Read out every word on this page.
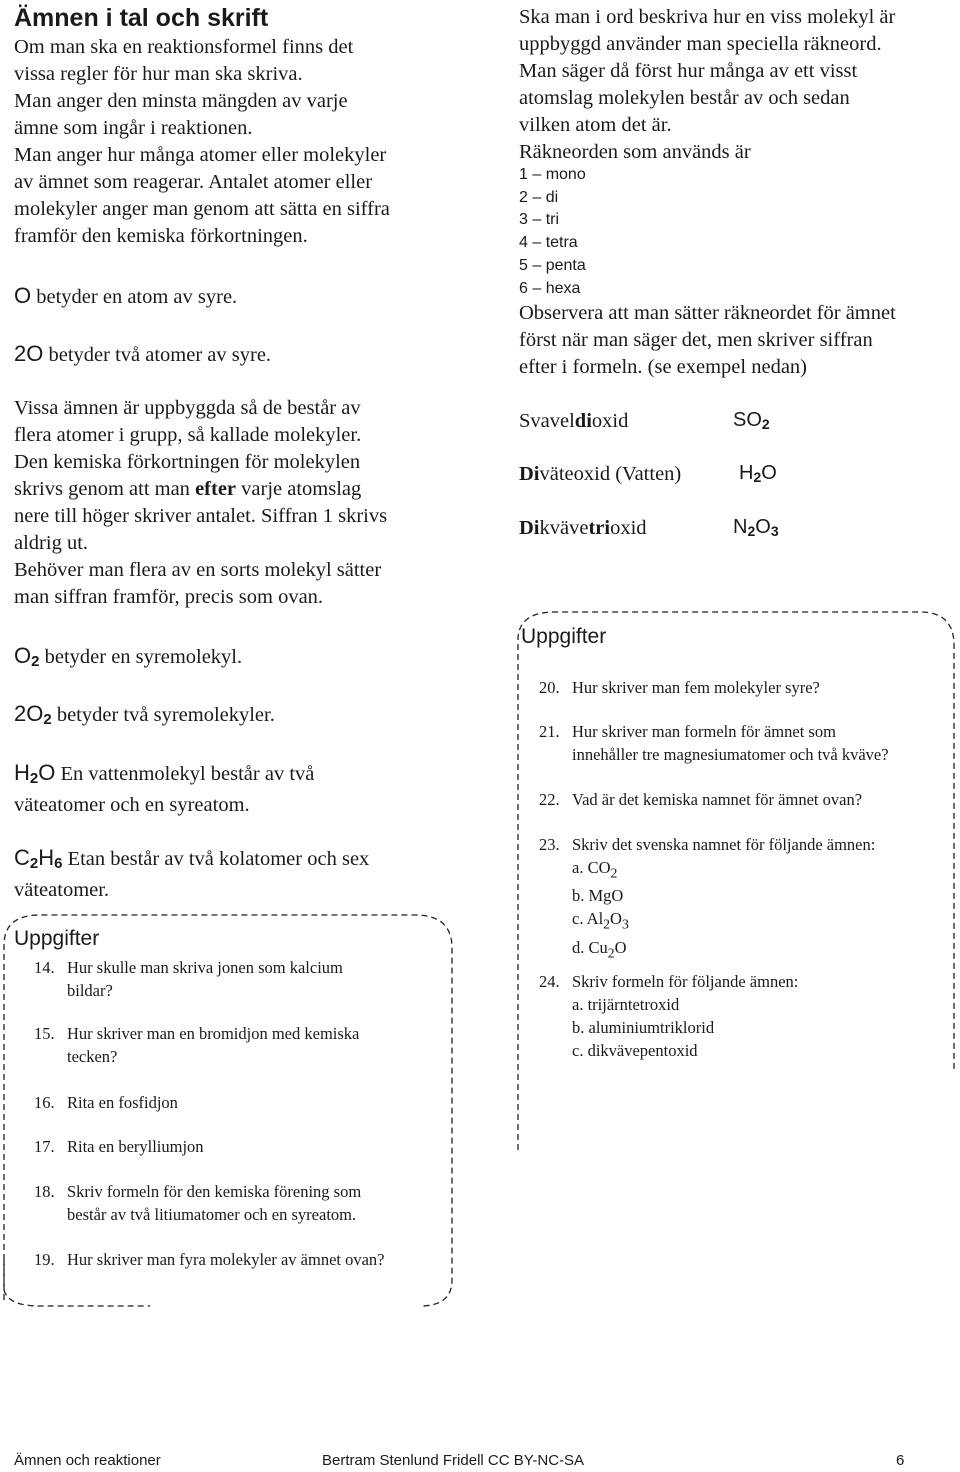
Ämnen i tal och skrift

Om man ska en reaktionsformel finns det

vissa regler för hur man ska skriva.

Man anger den minsta mängden av varje

ämne som ingår i reaktionen.

Man anger hur många atomer eller molekyler

av ämnet som reagerar. Antalet atomer eller

molekyler anger man genom att sätta en siffra

framför den kemiska förkortningen.

O betyder en atom av syre.
2O betyder två atomer av syre.

Vissa ämnen är uppbyggda så de består av

flera atomer i grupp, så kallade molekyler.

Den kemiska förkortningen för molekylen

skrivs genom att man efter varje atomslag

nere till höger skriver antalet. Siffran 1 skrivs

aldrig ut.

Behöver man flera av en sorts molekyl sätter

man siffran framför, precis som ovan.

$O_2$ betyder en syremolekyl.
$2O_2$ betyder två syremolekyler.

$H_2O$ En vattenmolekyl består av två

väteatomer och en syreatom.

$C_2H_6$ Etan består av två kolatomer och sex

väteatomer.

Uppgifter
14. Hur skulle man skriva jonen som kalcium

bildar?

15. Hur skriver man en bromidjon med kemiska

tecken?

16. Rita en fosfidjon

17. Rita en berylliumjon

18. Skriv formeln för den kemiska förening som

består av två litiumatomer och en syreatom.

19. Hur skriver man fyra molekyler av ämnet ovan?

Ska man i ord beskriva hur en viss molekyl är

uppbyggd använder man speciella räkneord.

Man säger då först hur många av ett visst

atomslag molekylen består av och sedan

vilken atom det är.

Räkneorden som används är

1 – mono

2 – di

3 – tri

4 – tetra

5 – penta

6 – hexa

Observera att man sätter räkneordet för ämnet

först när man säger det, men skriver siffran

efter i formeln. (se exempel nedan)

Svaveldioxid	$SO_2$
Diväteoxid (Vatten)	$H_2O$
Dikvävetrioxid	$N_2O_3$
Uppgifter
20. Hur skriver man fem molekyler syre?

21. Hur skriver man formeln för ämnet som

innehåller tre magnesiumatomer och två kväve?

22. Vad är det kemiska namnet för ämnet ovan?

23. Skriv det svenska namnet för följande ämnen:

a. $CO_2$

b. MgO

c. $Al_2O_3$

d. $Cu_2O$

24. Skriv formeln för följande ämnen:

a. trijärntetroxid

b. aluminiumtriklorid

c. dikvävepentoxid

Ämnen och reaktioner	Bertram Stenlund Fridell CC BY-NC-SA	6
